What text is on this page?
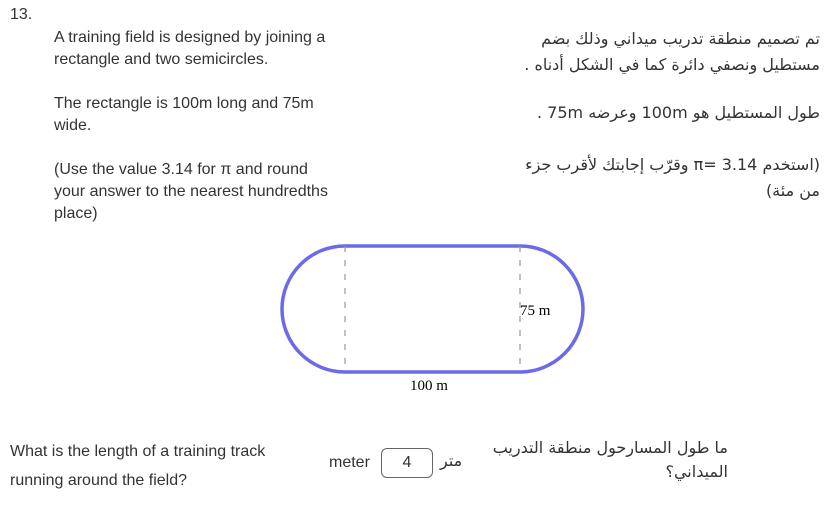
13.
A training field is designed by joining a
rectangle and two semicircles.
The rectangle is 100m long and 75m
wide.
(Use the value 3.14 for π and round
your answer to the nearest hundredths
place)
تم تصميم منطقة تدريب ميداني وذلك بضم
مستطيل ونصفي دائرة كما في الشكل أدناه .
طول المستطيل هو 100m وعرضه 75m .
(استخدم 3.14 =π وقرّب إجابتك لأقرب جزء
من مئة)
75 m
100 m
What is the length of a training track
running around the field?
meter 4 متر
ما طول المسارحول منطقة التدريب
الميداني؟
